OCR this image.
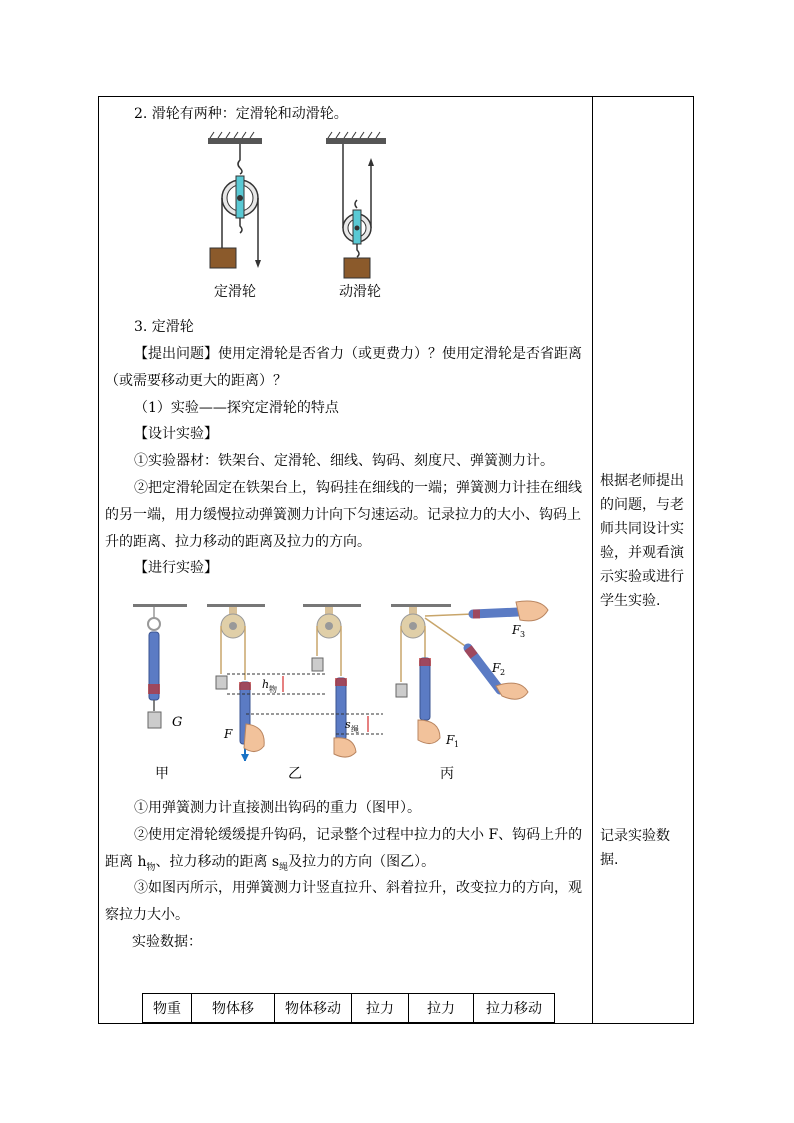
2. 滑轮有两种：定滑轮和动滑轮。
定滑轮	动滑轮
3. 定滑轮
【提出问题】使用定滑轮是否省力（或更费力）？使用定滑轮是否省距离
（或需要移动更大的距离）？
（1）实验——探究定滑轮的特点
【设计实验】
①实验器材：铁架台、定滑轮、细线、钩码、刻度尺、弹簧测力计。
②把定滑轮固定在铁架台上，钩码挂在细线的一端；弹簧测力计挂在细线
的另一端，用力缓慢拉动弹簧测力计向下匀速运动。记录拉力的大小、钩码上
升的距离、拉力移动的距离及拉力的方向。
【进行实验】
G
F
h 物
s 绳
F 1
F 2
F 3
甲	乙	丙
①用弹簧测力计直接测出钩码的重力（图甲）。
②使用定滑轮缓缓提升钩码，记录整个过程中拉力的大小 F、钩码上升的
距离 $h_物$、拉力移动的距离 $s_绳$及拉力的方向（图乙）。
③如图丙所示，用弹簧测力计竖直拉升、斜着拉升，改变拉力的方向，观
察拉力大小。
实验数据：
物重	物体移	物体移动	拉力	拉力	拉力移动
根据老师提出
的问题，与老
师共同设计实
验，并观看演
示实验或进行
学生实验.
记录实验数
据.
